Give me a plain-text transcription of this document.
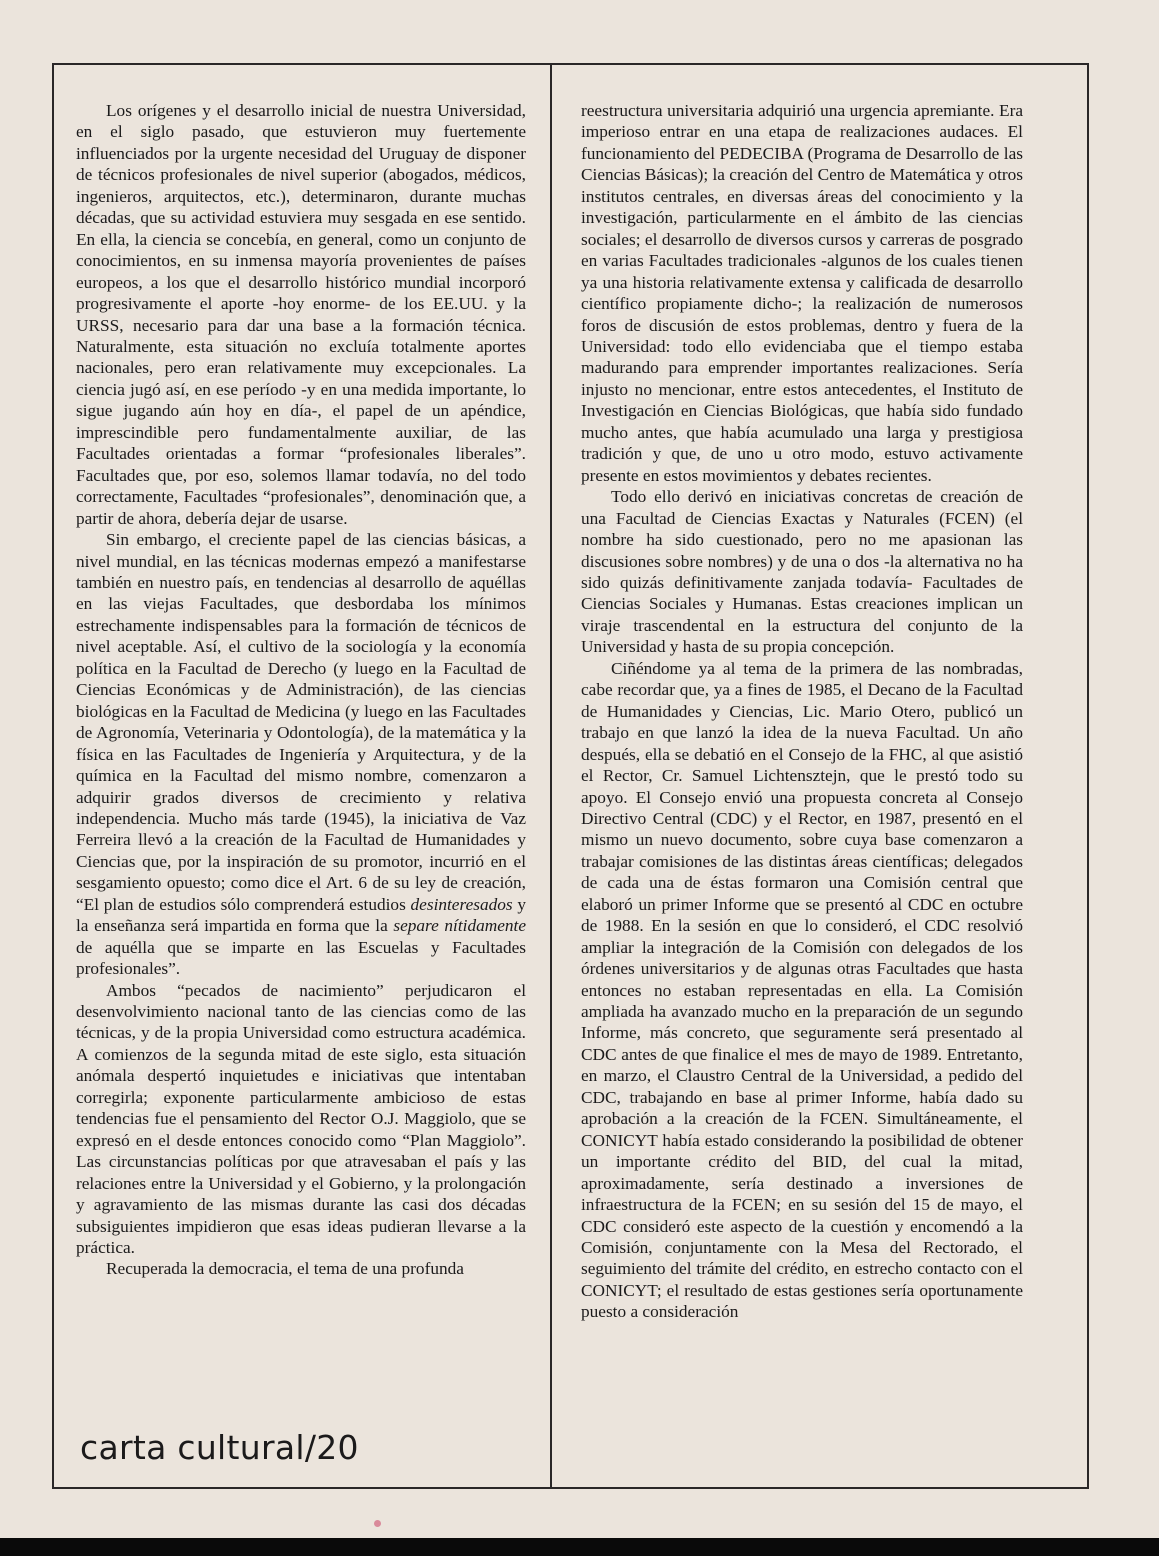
Los orígenes y el desarrollo inicial de nuestra Universidad, en el siglo pasado, que estuvieron muy fuertemente influenciados por la urgente necesidad del Uruguay de disponer de técnicos profesionales de nivel superior (abogados, médicos, ingenieros, arquitectos, etc.), determinaron, durante muchas décadas, que su actividad estuviera muy sesgada en ese sentido. En ella, la ciencia se concebía, en general, como un conjunto de conocimientos, en su inmensa mayoría provenientes de países europeos, a los que el desarrollo histórico mundial incorporó progresivamente el aporte -hoy enorme- de los EE.UU. y la URSS, necesario para dar una base a la formación técnica. Naturalmente, esta situación no excluía totalmente aportes nacionales, pero eran relativamente muy excepcionales. La ciencia jugó así, en ese período -y en una medida importante, lo sigue jugando aún hoy en día-, el papel de un apéndice, imprescindible pero fundamentalmente auxiliar, de las Facultades orientadas a formar “profesionales liberales”. Facultades que, por eso, solemos llamar todavía, no del todo correctamente, Facultades “profesionales”, denominación que, a partir de ahora, debería dejar de usarse.

Sin embargo, el creciente papel de las ciencias básicas, a nivel mundial, en las técnicas modernas empezó a manifestarse también en nuestro país, en tendencias al desarrollo de aquéllas en las viejas Facultades, que desbordaba los mínimos estrechamente indispensables para la formación de técnicos de nivel aceptable. Así, el cultivo de la sociología y la economía política en la Facultad de Derecho (y luego en la Facultad de Ciencias Económicas y de Administración), de las ciencias biológicas en la Facultad de Medicina (y luego en las Facultades de Agronomía, Veterinaria y Odontología), de la matemática y la física en las Facultades de Ingeniería y Arquitectura, y de la química en la Facultad del mismo nombre, comenzaron a adquirir grados diversos de crecimiento y relativa independencia. Mucho más tarde (1945), la iniciativa de Vaz Ferreira llevó a la creación de la Facultad de Humanidades y Ciencias que, por la inspiración de su promotor, incurrió en el sesgamiento opuesto; como dice el Art. 6 de su ley de creación, “El plan de estudios sólo comprenderá estudios desinteresados y la enseñanza será impartida en forma que la separe nítidamente de aquélla que se imparte en las Escuelas y Facultades profesionales”.

Ambos “pecados de nacimiento” perjudicaron el desenvolvimiento nacional tanto de las ciencias como de las técnicas, y de la propia Universidad como estructura académica. A comienzos de la segunda mitad de este siglo, esta situación anómala despertó inquietudes e iniciativas que intentaban corregirla; exponente particularmente ambicioso de estas tendencias fue el pensamiento del Rector O.J. Maggiolo, que se expresó en el desde entonces conocido como “Plan Maggiolo”. Las circunstancias políticas por que atravesaban el país y las relaciones entre la Universidad y el Gobierno, y la prolongación y agravamiento de las mismas durante las casi dos décadas subsiguientes impidieron que esas ideas pudieran llevarse a la práctica.

Recuperada la democracia, el tema de una profunda

reestructura universitaria adquirió una urgencia apremiante. Era imperioso entrar en una etapa de realizaciones audaces. El funcionamiento del PEDECIBA (Programa de Desarrollo de las Ciencias Básicas); la creación del Centro de Matemática y otros institutos centrales, en diversas áreas del conocimiento y la investigación, particularmente en el ámbito de las ciencias sociales; el desarrollo de diversos cursos y carreras de posgrado en varias Facultades tradicionales -algunos de los cuales tienen ya una historia relativamente extensa y calificada de desarrollo científico propiamente dicho-; la realización de numerosos foros de discusión de estos problemas, dentro y fuera de la Universidad: todo ello evidenciaba que el tiempo estaba madurando para emprender importantes realizaciones. Sería injusto no mencionar, entre estos antecedentes, el Instituto de Investigación en Ciencias Biológicas, que había sido fundado mucho antes, que había acumulado una larga y prestigiosa tradición y que, de uno u otro modo, estuvo activamente presente en estos movimientos y debates recientes.

Todo ello derivó en iniciativas concretas de creación de una Facultad de Ciencias Exactas y Naturales (FCEN) (el nombre ha sido cuestionado, pero no me apasionan las discusiones sobre nombres) y de una o dos -la alternativa no ha sido quizás definitivamente zanjada todavía- Facultades de Ciencias Sociales y Humanas. Estas creaciones implican un viraje trascendental en la estructura del conjunto de la Universidad y hasta de su propia concepción.

Ciñéndome ya al tema de la primera de las nombradas, cabe recordar que, ya a fines de 1985, el Decano de la Facultad de Humanidades y Ciencias, Lic. Mario Otero, publicó un trabajo en que lanzó la idea de la nueva Facultad. Un año después, ella se debatió en el Consejo de la FHC, al que asistió el Rector, Cr. Samuel Lichtensztejn, que le prestó todo su apoyo. El Consejo envió una propuesta concreta al Consejo Directivo Central (CDC) y el Rector, en 1987, presentó en el mismo un nuevo documento, sobre cuya base comenzaron a trabajar comisiones de las distintas áreas científicas; delegados de cada una de éstas formaron una Comisión central que elaboró un primer Informe que se presentó al CDC en octubre de 1988. En la sesión en que lo consideró, el CDC resolvió ampliar la integración de la Comisión con delegados de los órdenes universitarios y de algunas otras Facultades que hasta entonces no estaban representadas en ella. La Comisión ampliada ha avanzado mucho en la preparación de un segundo Informe, más concreto, que seguramente será presentado al CDC antes de que finalice el mes de mayo de 1989. Entretanto, en marzo, el Claustro Central de la Universidad, a pedido del CDC, trabajando en base al primer Informe, había dado su aprobación a la creación de la FCEN. Simultáneamente, el CONICYT había estado considerando la posibilidad de obtener un importante crédito del BID, del cual la mitad, aproximadamente, sería destinado a inversiones de infraestructura de la FCEN; en su sesión del 15 de mayo, el CDC consideró este aspecto de la cuestión y encomendó a la Comisión, conjuntamente con la Mesa del Rectorado, el seguimiento del trámite del crédito, en estrecho contacto con el CONICYT; el resultado de estas gestiones sería oportunamente puesto a consideración

carta cultural/20
